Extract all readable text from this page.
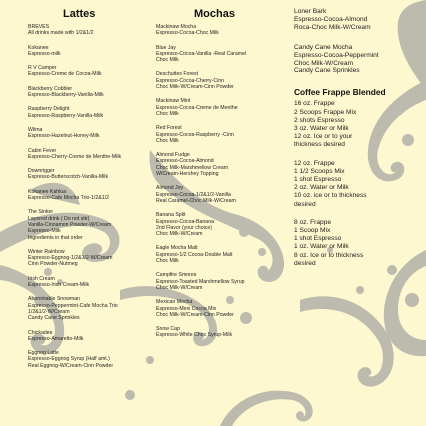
Lattes
BREVES
All drinks made with 1/2&1/2
Kokanee
Espresso-milk
R V Camper
Espresso-Creme de Cocoa-Milk
Blackberry Cobbler
Espresso-Blackberry-Vanilla-Milk
Raspberry Delight
Espresso-Raspberry-Vanilla-Milk
Wilma
Espresso-Hazelnut-Honey-Milk
Cabin Fever
Espresso-Cherry-Creme de Menthe-Milk
Downrigger
Espresso-Butterscotch-Vanilla-Milk
Kokanee Kahlua
Espresso-Cafe Mocha Trio-1/2&1/2
The Sinker
Layered drink ( Do not stir)
Vanilla-Cinnamon Powder-W/Cream
Espresso-Milk
Ingredients in that order
Winter Rainbow
Espresso-Eggnog-1/2&1/2-W/Cream
Cinn Powder-Nutmeg
Irish Cream
Espresso-Irish Cream-Milk
Abominable Snowman
Espresso-Peppermint-Cafe Mocha Trio
1/2&1/2-W/Cream
Candy Cane Sprinkles
Chickadee
Espresso-Amaretto-Milk
Eggnog Latte
Espresso-Eggnog Syrup (Half amt.)
Real Eggnog-W/Cream-Cinn Powder
Mochas
Mackinaw Mocha
Espresso-Cocoa-Choc Milk
Blue Jay
Espresso-Cocoa-Vanilla -Real Caramel
Choc Milk
Deschuttes Forest
Espresso-Cocoa-Cherry-Cinn
Choc Milk-W/Cream-Cinn Powder
Mackinaw Mint
Espresso-Cocoa-Creme de Menthe
Choc Milk
Red Forest
Espresso-Cocoa-Raspberry -Cinn
Choc Milk
Almond Fudge
Espresso-Cocoa-Almond
Choc Milk-Marshmellow Cream
W/Cream-Hershey Topping
Almond Joy
Espresso-Cocoa-1/2&1/2-Vanilla
Real Caramel-Choc Milk-W/Cream
Banana Split
Espresso-Cocoa-Banana
2nd Flavor (your choice)
Choc Milk-W/Cream
Eagle Mocha Malt
Espresso-1/2 Cocoa-Double Malt
Choc Milk
Campfire Smores
Espresso-Toasted Marshmellow Syrup
Choc Milk-W/Cream
Mexican Mocha
Espresso-Mexi Cocoa Mix
Choc Milk-W/Cream-Cinn Powder
Snow Cap
Espresso-White Choc Syrup-Milk
Loner Bark
Espresso-Cocoa-Almond
Roca-Choc Milk-W/Cream
Candy Cane Mocha
Espresso-Cocoa-Peppermint
Choc Milk-W/Cream
Candy Cane Sprinkles
Coffee Frappe Blended
16 oz. Frappe
2 Scoops Frappe Mix
2 shots Espresso
3 oz. Water or Milk
12 oz. Ice or to your
thickness desired
12 oz. Frappe
1 1/2 Scoops Mix
1 shot Espresso
2 oz. Water or Milk
10 oz. ice or to thickness
desired
8 oz. Frappe
1 Scoop Mix
1 shot Espresso
1 oz. Water or Milk
8 oz. Ice or to thickness
desired
